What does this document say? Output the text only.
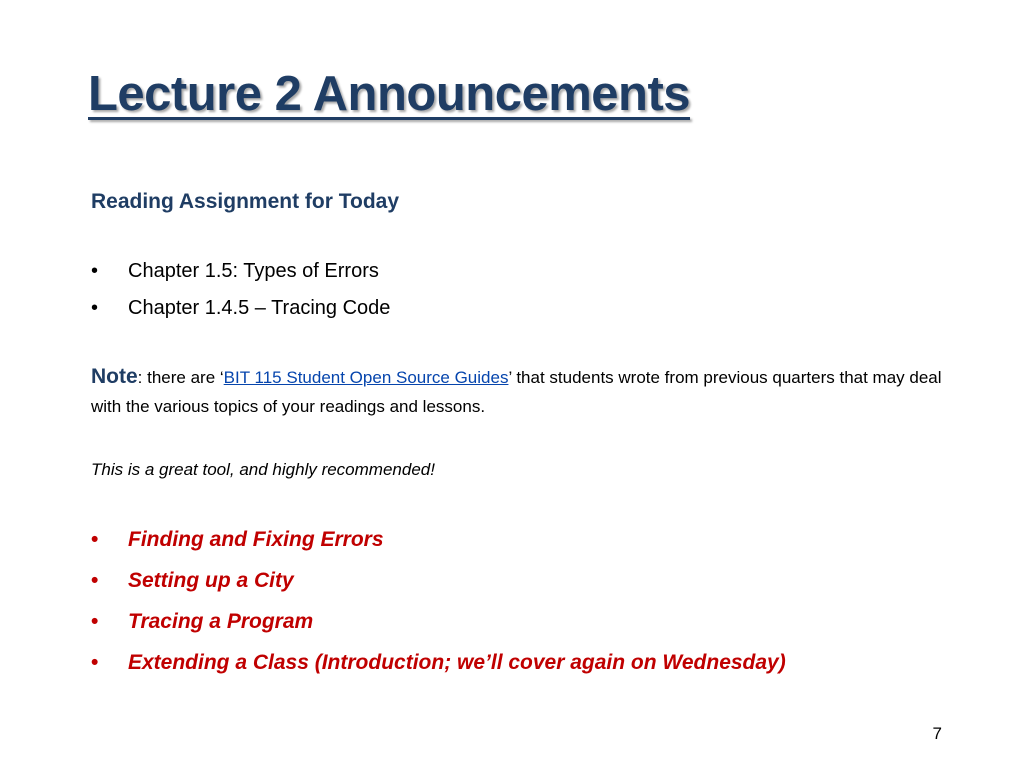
Lecture 2 Announcements
Reading Assignment for Today
• Chapter 1.5: Types of Errors
• Chapter 1.4.5 – Tracing Code

Note: there are ‘BIT 115 Student Open Source Guides’ that students wrote from previous quarters that may deal with the various topics of your readings and lessons.

This is a great tool, and highly recommended!
• Finding and Fixing Errors
• Setting up a City
• Tracing a Program
• Extending a Class (Introduction; we’ll cover again on Wednesday)
7
